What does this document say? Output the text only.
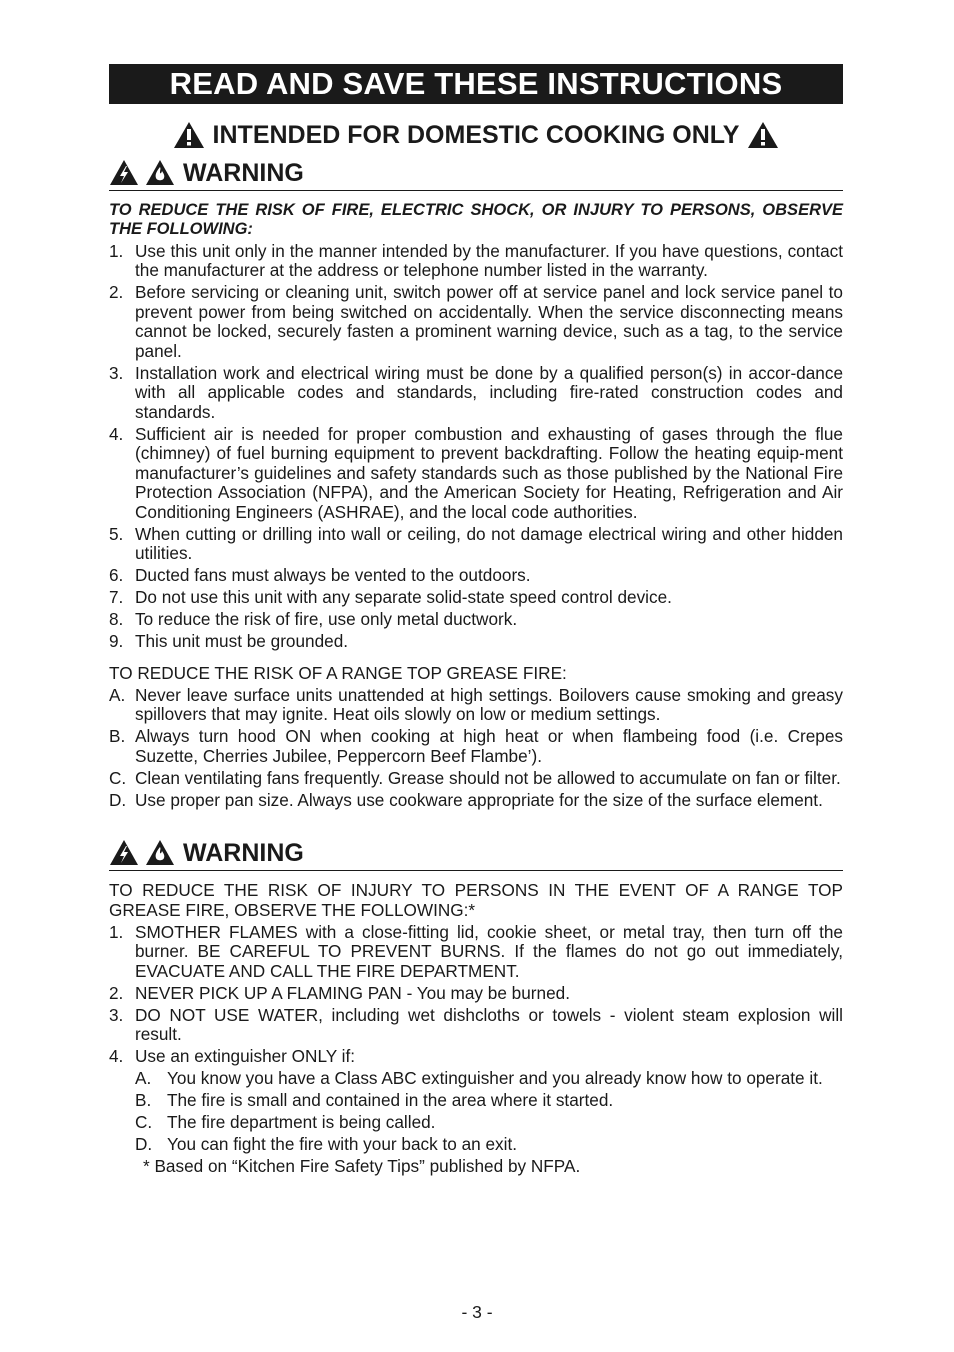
READ AND SAVE THESE INSTRUCTIONS
INTENDED FOR DOMESTIC COOKING ONLY
WARNING
TO REDUCE THE RISK OF FIRE, ELECTRIC SHOCK, OR INJURY TO PERSONS, OBSERVE THE FOLLOWING:
1. Use this unit only in the manner intended by the manufacturer. If you have questions, contact the manufacturer at the address or telephone number listed in the warranty.
2. Before servicing or cleaning unit, switch power off at service panel and lock service panel to prevent power from being switched on accidentally. When the service disconnecting means cannot be locked, securely fasten a prominent warning device, such as a tag, to the service panel.
3. Installation work and electrical wiring must be done by a qualified person(s) in accor-dance with all applicable codes and standards, including fire-rated construction codes and standards.
4. Sufficient air is needed for proper combustion and exhausting of gases through the flue (chimney) of fuel burning equipment to prevent backdrafting. Follow the heating equip-ment manufacturer’s guidelines and safety standards such as those published by the National Fire Protection Association (NFPA), and the American Society for Heating, Refrigeration and Air Conditioning Engineers (ASHRAE), and the local code authorities.
5. When cutting or drilling into wall or ceiling, do not damage electrical wiring and other hidden utilities.
6. Ducted fans must always be vented to the outdoors.
7. Do not use this unit with any separate solid-state speed control device.
8. To reduce the risk of fire, use only metal ductwork.
9. This unit must be grounded.
TO REDUCE THE RISK OF A RANGE TOP GREASE FIRE:
A. Never leave surface units unattended at high settings. Boilovers cause smoking and greasy spillovers that may ignite. Heat oils slowly on low or medium settings.
B. Always turn hood ON when cooking at high heat or when flambeing food (i.e. Crepes Suzette, Cherries Jubilee, Peppercorn Beef Flambe’).
C. Clean ventilating fans frequently. Grease should not be allowed to accumulate on fan or filter.
D. Use proper pan size. Always use cookware appropriate for the size of the surface element.
WARNING
TO REDUCE THE RISK OF INJURY TO PERSONS IN THE EVENT OF A RANGE TOP GREASE FIRE, OBSERVE THE FOLLOWING:*
1. SMOTHER FLAMES with a close-fitting lid, cookie sheet, or metal tray, then turn off the burner. BE CAREFUL TO PREVENT BURNS. If the flames do not go out immediately, EVACUATE AND CALL THE FIRE DEPARTMENT.
2. NEVER PICK UP A FLAMING PAN - You may be burned.
3. DO NOT USE WATER, including wet dishcloths or towels - violent steam explosion will result.
4. Use an extinguisher ONLY if:
A. You know you have a Class ABC extinguisher and you already know how to operate it.
B. The fire is small and contained in the area where it started.
C. The fire department is being called.
D. You can fight the fire with your back to an exit.
* Based on “Kitchen Fire Safety Tips” published by NFPA.
- 3 -
